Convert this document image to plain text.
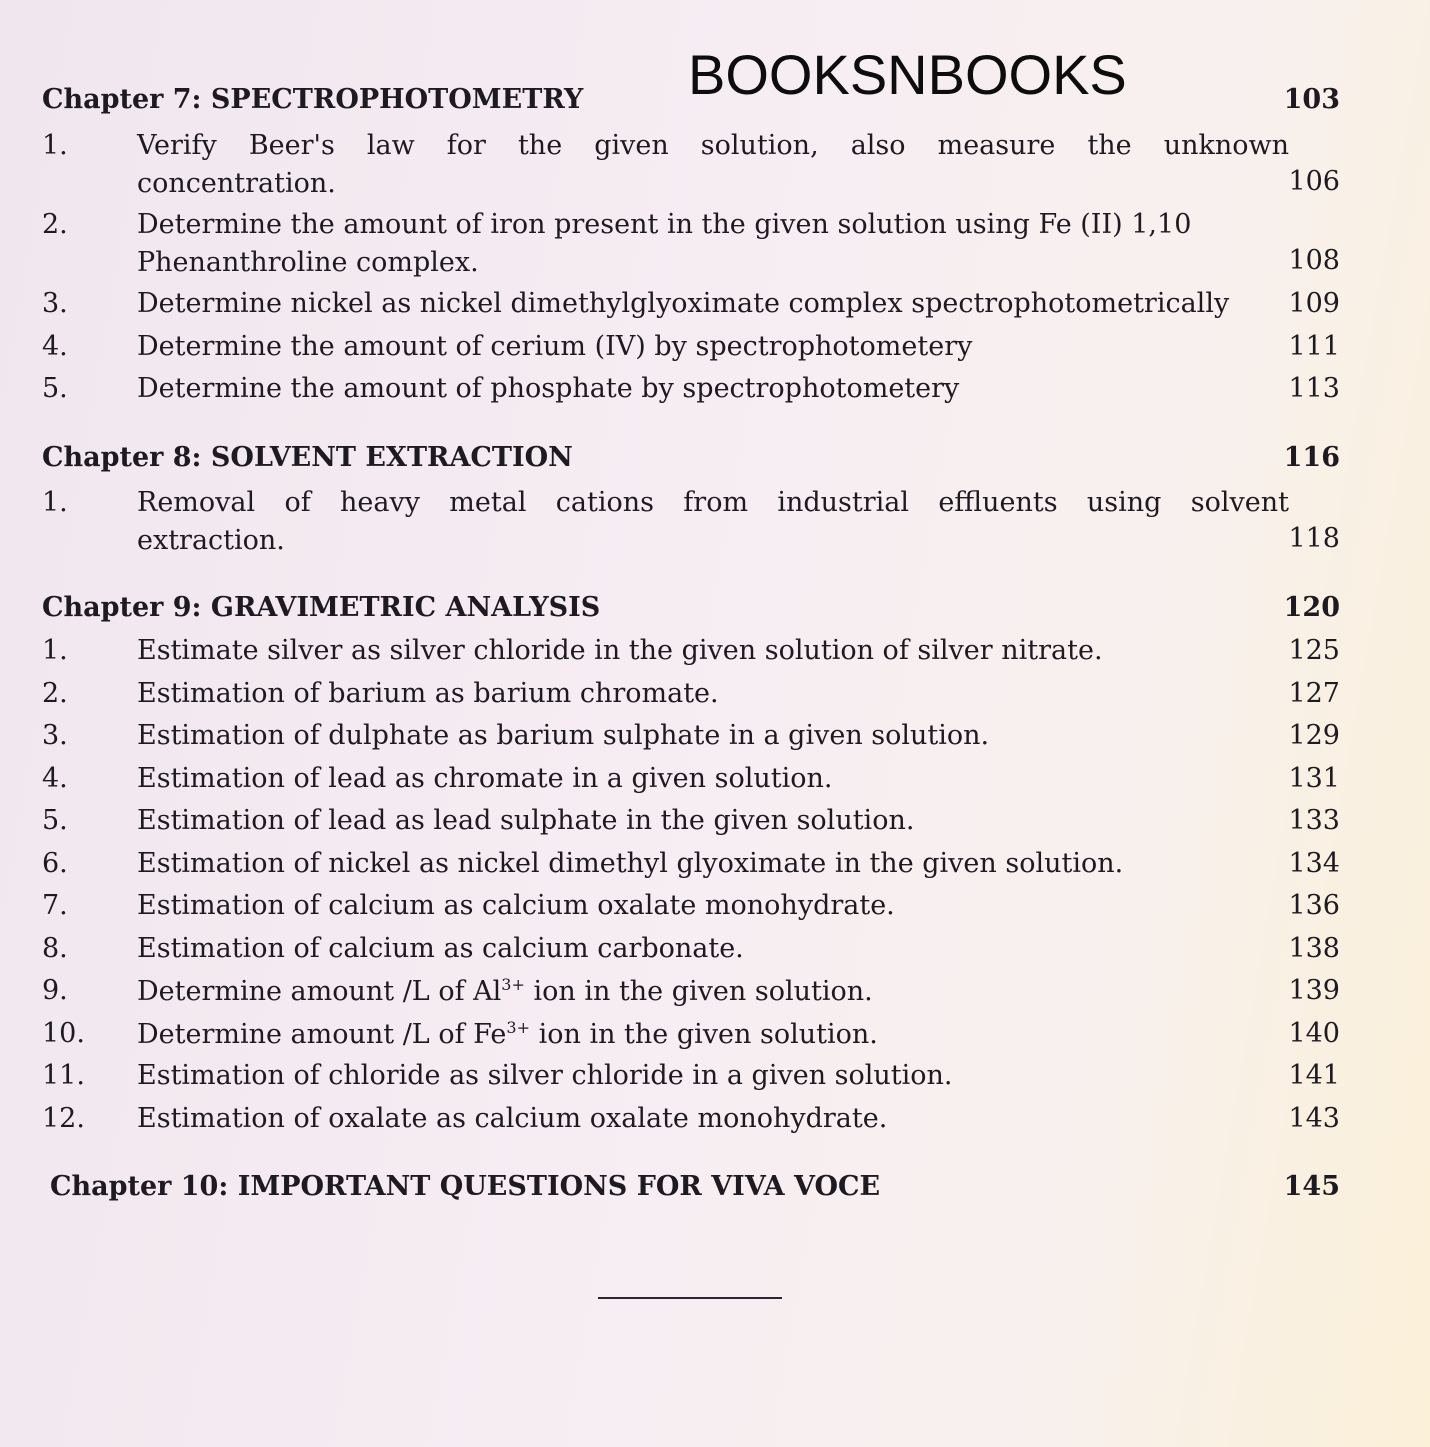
BOOKSNBOOKS
Chapter 7: SPECTROPHOTOMETRY	103
1.	Verify Beer's law for the given solution, also measure the unknown
concentration.	106
2.	Determine the amount of iron present in the given solution using Fe (II) 1,10
Phenanthroline complex.	108
3.	Determine nickel as nickel dimethylglyoximate complex spectrophotometrically 109
4.	Determine the amount of cerium (IV) by spectrophotometery	111
5.	Determine the amount of phosphate by spectrophotometery	113
Chapter 8: SOLVENT EXTRACTION	116
1.	Removal of heavy metal cations from industrial effluents using solvent
extraction.	118
Chapter 9: GRAVIMETRIC ANALYSIS	120
1.	Estimate silver as silver chloride in the given solution of silver nitrate.	125
2.	Estimation of barium as barium chromate.	127
3.	Estimation of dulphate as barium sulphate in a given solution.	129
4.	Estimation of lead as chromate in a given solution.	131
5.	Estimation of lead as lead sulphate in the given solution.	133
6.	Estimation of nickel as nickel dimethyl glyoximate in the given solution.	134
7.	Estimation of calcium as calcium oxalate monohydrate.	136
8.	Estimation of calcium as calcium carbonate.	138
9.	Determine amount /L of $Al^{3+}$ ion in the given solution.	139
10. Determine amount /L of $Fe^{3+}$ ion in the given solution.	140
11. Estimation of chloride as silver chloride in a given solution.	141
12. Estimation of oxalate as calcium oxalate monohydrate.	143
Chapter 10: IMPORTANT QUESTIONS FOR VIVA VOCE	145
